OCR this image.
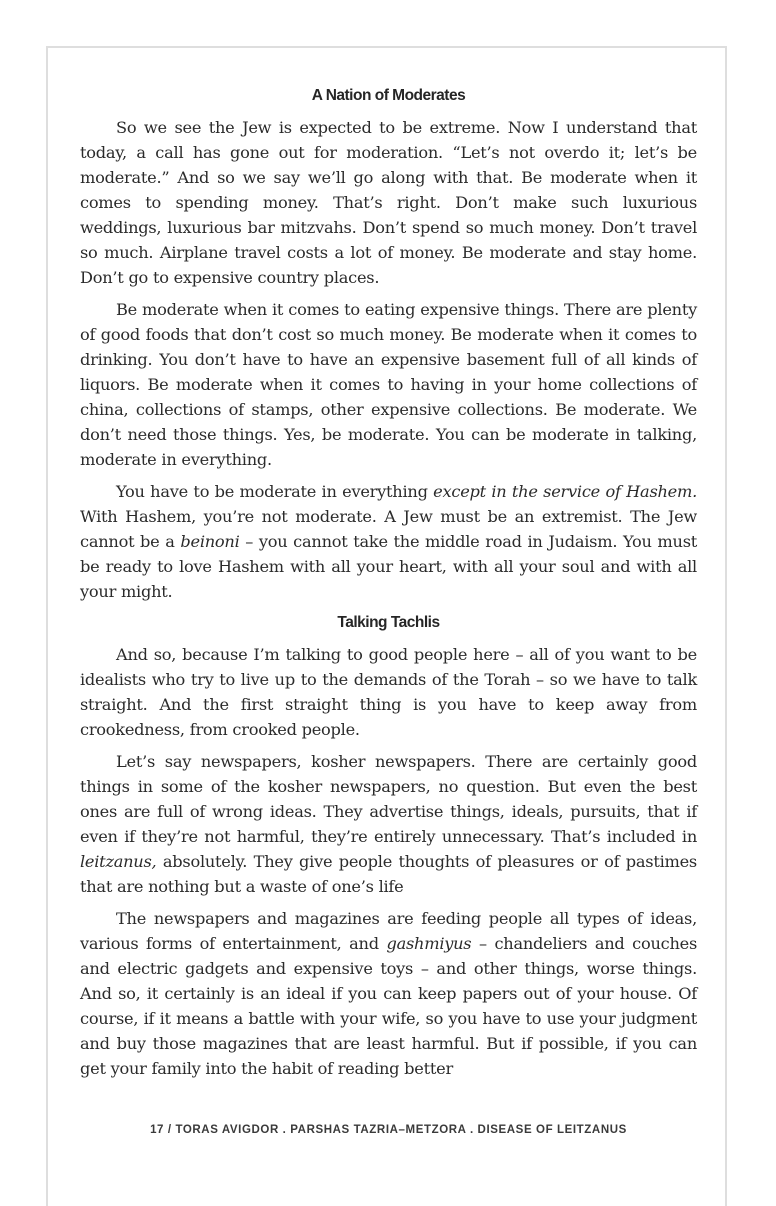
A Nation of Moderates

So we see the Jew is expected to be extreme. Now I understand that today, a call has gone out for moderation. “Let’s not overdo it; let’s be moderate.” And so we say we’ll go along with that. Be moderate when it comes to spending money. That’s right. Don’t make such luxurious weddings, luxurious bar mitzvahs. Don’t spend so much money. Don’t travel so much. Airplane travel costs a lot of money. Be moderate and stay home. Don’t go to expensive country places.

Be moderate when it comes to eating expensive things. There are plenty of good foods that don’t cost so much money. Be moderate when it comes to drinking. You don’t have to have an expensive basement full of all kinds of liquors. Be moderate when it comes to having in your home collections of china, collections of stamps, other expensive collections. Be moderate. We don’t need those things. Yes, be moderate. You can be moderate in talking, moderate in everything.

You have to be moderate in everything except in the service of Hashem. With Hashem, you’re not moderate. A Jew must be an extremist. The Jew cannot be a beinoni – you cannot take the middle road in Judaism. You must be ready to love Hashem with all your heart, with all your soul and with all your might.

Talking Tachlis

And so, because I’m talking to good people here – all of you want to be idealists who try to live up to the demands of the Torah – so we have to talk straight. And the first straight thing is you have to keep away from crookedness, from crooked people.

Let’s say newspapers, kosher newspapers. There are certainly good things in some of the kosher newspapers, no question. But even the best ones are full of wrong ideas. They advertise things, ideals, pursuits, that if even if they’re not harmful, they’re entirely unnecessary. That’s included in leitzanus, absolutely. They give people thoughts of pleasures or of pastimes that are nothing but a waste of one’s life

The newspapers and magazines are feeding people all types of ideas, various forms of entertainment, and gashmiyus – chandeliers and couches and electric gadgets and expensive toys – and other things, worse things. And so, it certainly is an ideal if you can keep papers out of your house. Of course, if it means a battle with your wife, so you have to use your judgment and buy those magazines that are least harmful. But if possible, if you can get your family into the habit of reading better

17 / TORAS AVIGDOR . PARSHAS TAZRIA–METZORA . DISEASE OF LEITZANUS
